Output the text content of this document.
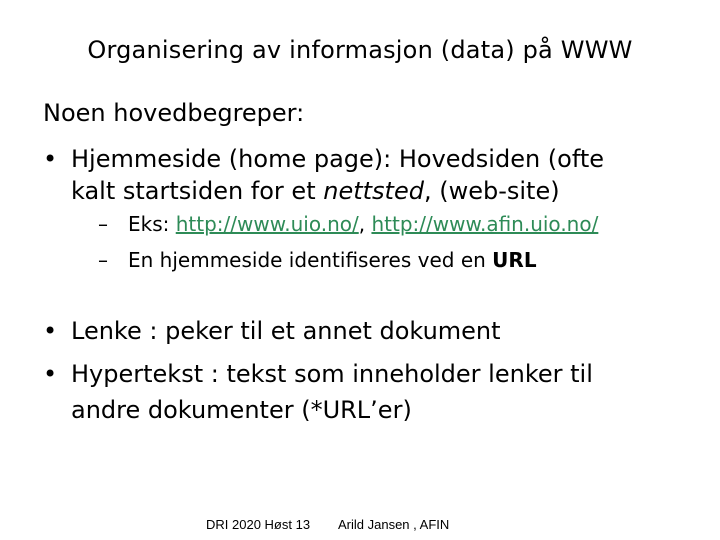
Organisering av informasjon (data) på WWW
Noen hovedbegreper:
• Hjemmeside (home page): Hovedsiden (ofte
kalt startsiden for et nettsted, (web-site)
– Eks: http://www.uio.no/, http://www.afin.uio.no/
– En hjemmeside identifiseres ved en URL
• Lenke : peker til et annet dokument
• Hypertekst : tekst som inneholder lenker til
andre dokumenter (*URL’er)
DRI 2020 Høst 13 Arild Jansen , AFIN
